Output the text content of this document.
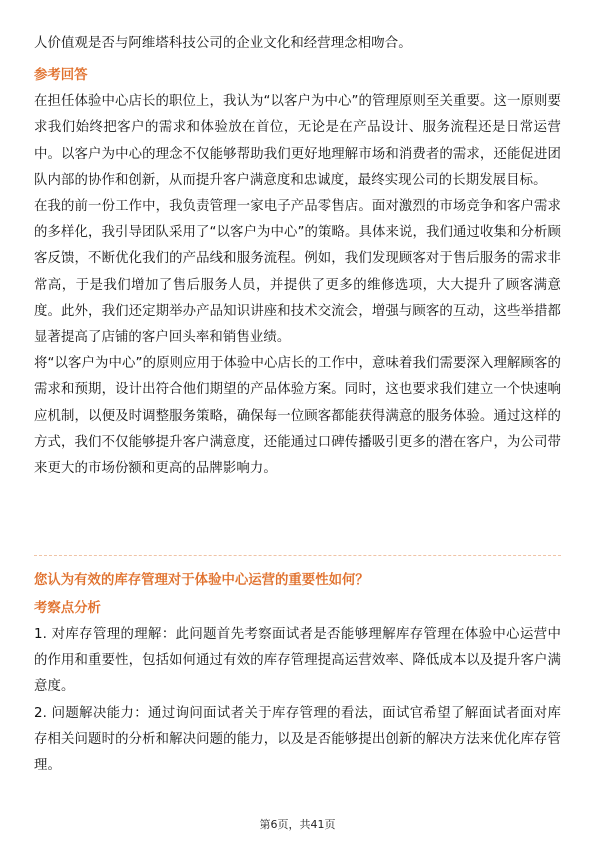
人价值观是否与阿维塔科技公司的企业文化和经营理念相吻合。

参考回答

在担任体验中心店长的职位上，我认为“以客户为中心”的管理原则至关重要。这一原则要求我们始终把客户的需求和体验放在首位，无论是在产品设计、服务流程还是日常运营中。以客户为中心的理念不仅能够帮助我们更好地理解市场和消费者的需求，还能促进团队内部的协作和创新，从而提升客户满意度和忠诚度，最终实现公司的长期发展目标。

在我的前一份工作中，我负责管理一家电子产品零售店。面对激烈的市场竞争和客户需求的多样化，我引导团队采用了“以客户为中心”的策略。具体来说，我们通过收集和分析顾客反馈，不断优化我们的产品线和服务流程。例如，我们发现顾客对于售后服务的需求非常高，于是我们增加了售后服务人员，并提供了更多的维修选项，大大提升了顾客满意度。此外，我们还定期举办产品知识讲座和技术交流会，增强与顾客的互动，这些举措都显著提高了店铺的客户回头率和销售业绩。

将“以客户为中心”的原则应用于体验中心店长的工作中，意味着我们需要深入理解顾客的需求和预期，设计出符合他们期望的产品体验方案。同时，这也要求我们建立一个快速响应机制，以便及时调整服务策略，确保每一位顾客都能获得满意的服务体验。通过这样的方式，我们不仅能够提升客户满意度，还能通过口碑传播吸引更多的潜在客户，为公司带来更大的市场份额和更高的品牌影响力。

您认为有效的库存管理对于体验中心运营的重要性如何？

考察点分析

1. 对库存管理的理解：此问题首先考察面试者是否能够理解库存管理在体验中心运营中的作用和重要性，包括如何通过有效的库存管理提高运营效率、降低成本以及提升客户满意度。

2. 问题解决能力：通过询问面试者关于库存管理的看法，面试官希望了解面试者面对库存相关问题时的分析和解决问题的能力，以及是否能够提出创新的解决方法来优化库存管理。

第6页，共41页
